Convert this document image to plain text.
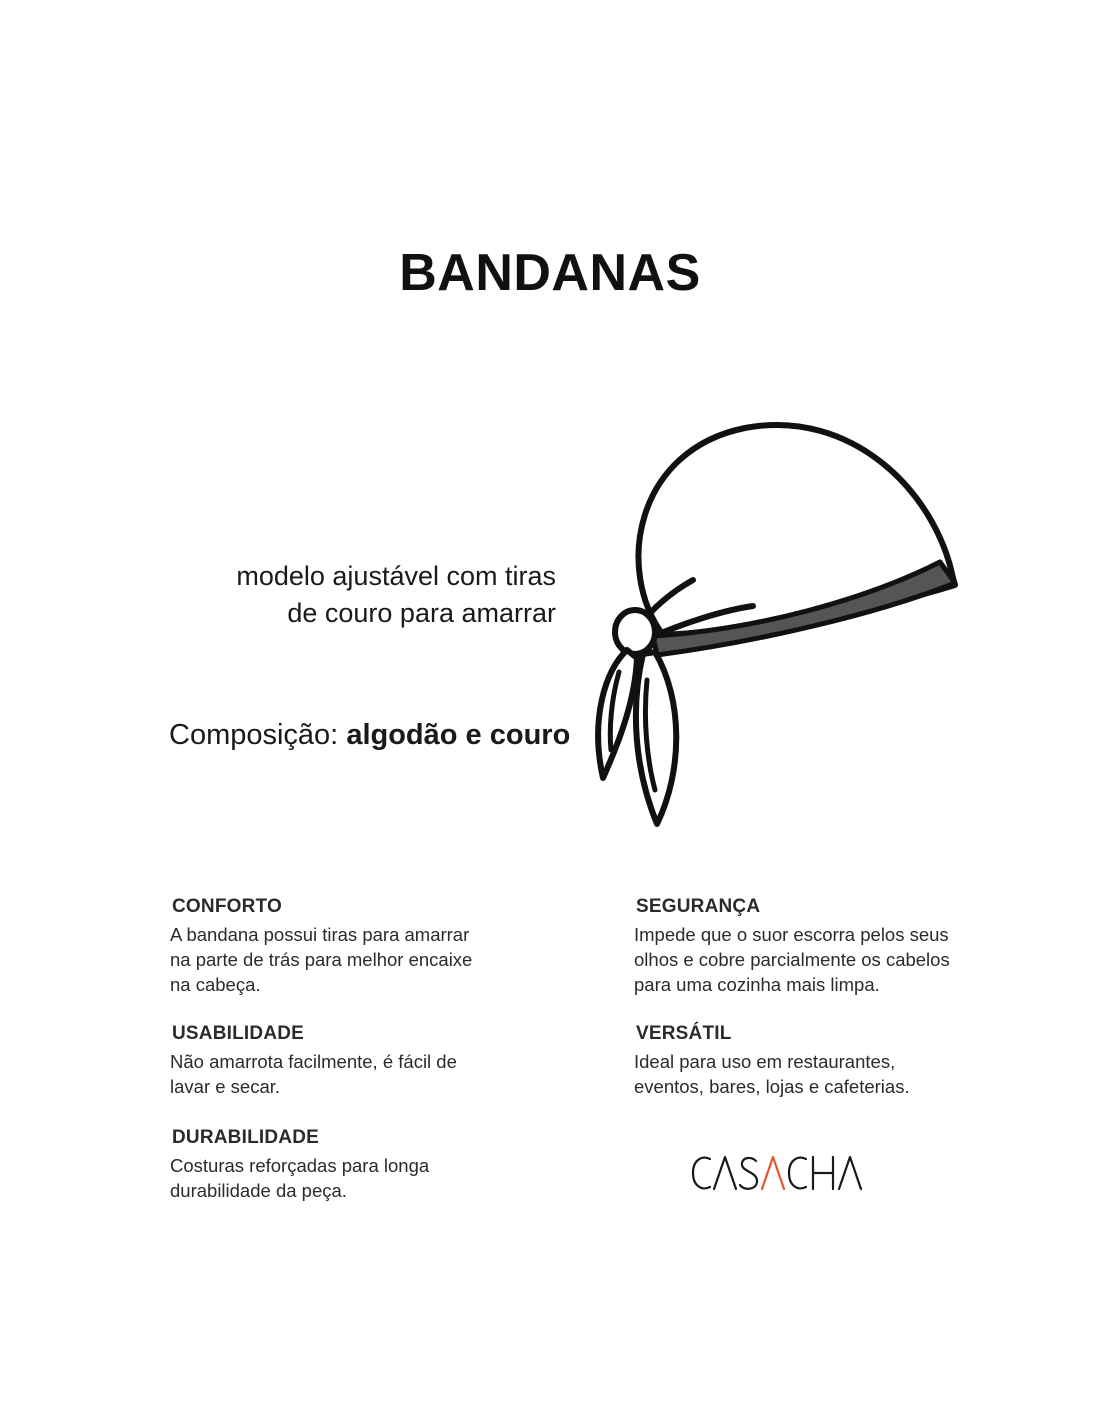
BANDANAS
modelo ajustável com tiras
de couro para amarrar
Composição: algodão e couro

CONFORTO

A bandana possui tiras para amarrar
na parte de trás para melhor encaixe
na cabeça.

USABILIDADE

Não amarrota facilmente, é fácil de
lavar e secar.

DURABILIDADE

Costuras reforçadas para longa
durabilidade da peça.

SEGURANÇA

Impede que o suor escorra pelos seus
olhos e cobre parcialmente os cabelos
para uma cozinha mais limpa.

VERSÁTIL

Ideal para uso em restaurantes,
eventos, bares, lojas e cafeterias.
